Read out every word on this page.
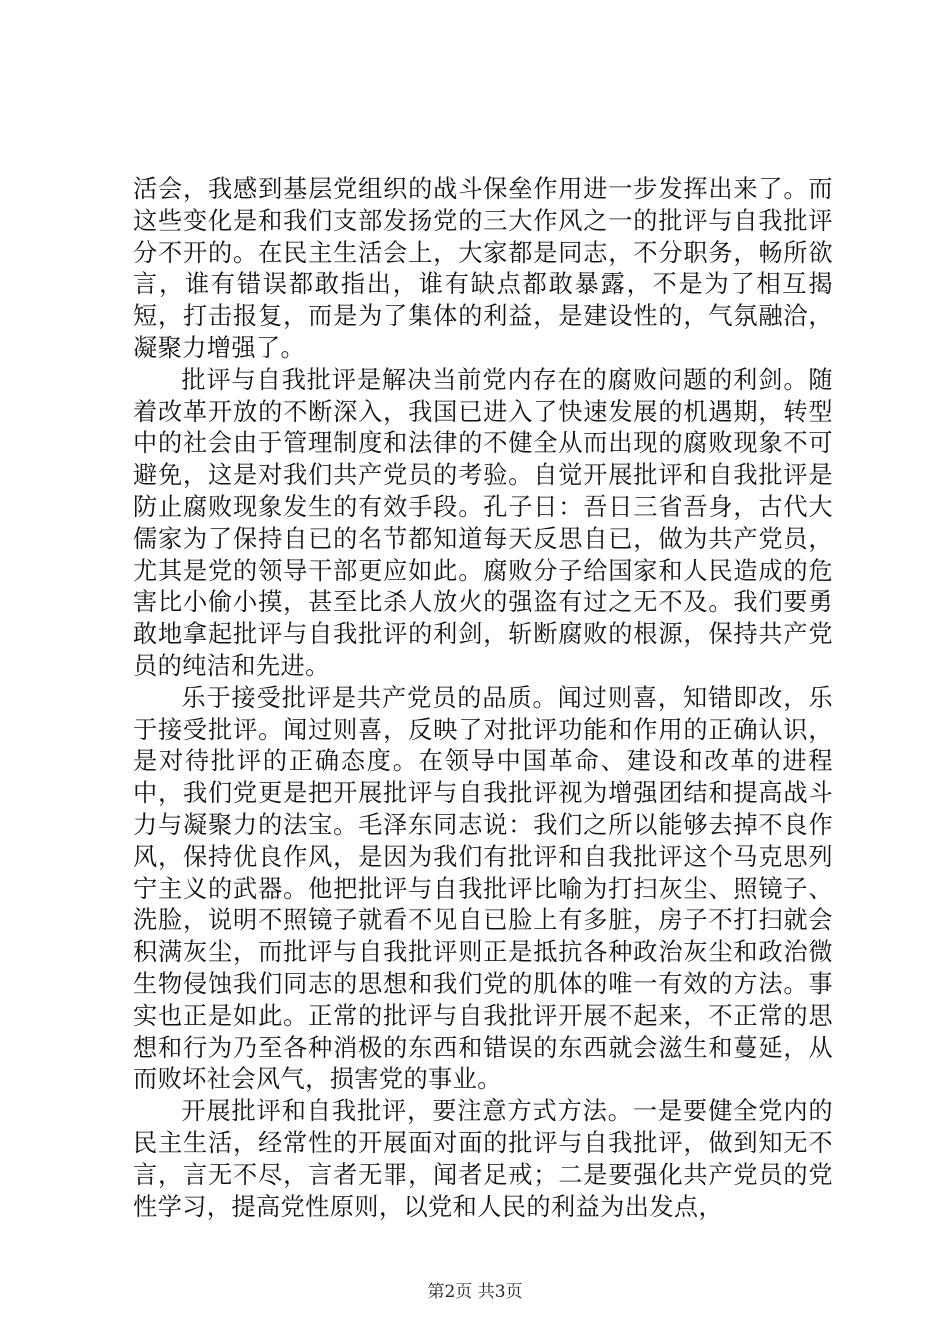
活会，我感到基层党组织的战斗保垒作用进一步发挥出来了。而这些变化是和我们支部发扬党的三大作风之一的批评与自我批评分不开的。在民主生活会上，大家都是同志，不分职务，畅所欲言，谁有错误都敢指出，谁有缺点都敢暴露，不是为了相互揭短，打击报复，而是为了集体的利益，是建设性的，气氛融洽，凝聚力增强了。

批评与自我批评是解决当前党内存在的腐败问题的利剑。随着改革开放的不断深入，我国已进入了快速发展的机遇期，转型中的社会由于管理制度和法律的不健全从而出现的腐败现象不可避免，这是对我们共产党员的考验。自觉开展批评和自我批评是防止腐败现象发生的有效手段。孔子日：吾日三省吾身，古代大儒家为了保持自已的名节都知道每天反思自已，做为共产党员，尤其是党的领导干部更应如此。腐败分子给国家和人民造成的危害比小偷小摸，甚至比杀人放火的强盗有过之无不及。我们要勇敢地拿起批评与自我批评的利剑，斩断腐败的根源，保持共产党员的纯洁和先进。

乐于接受批评是共产党员的品质。闻过则喜，知错即改，乐于接受批评。闻过则喜，反映了对批评功能和作用的正确认识，是对待批评的正确态度。在领导中国革命、建设和改革的进程中，我们党更是把开展批评与自我批评视为增强团结和提高战斗力与凝聚力的法宝。毛泽东同志说：我们之所以能够去掉不良作风，保持优良作风，是因为我们有批评和自我批评这个马克思列宁主义的武器。他把批评与自我批评比喻为打扫灰尘、照镜子、洗脸，说明不照镜子就看不见自已脸上有多脏，房子不打扫就会积满灰尘，而批评与自我批评则正是抵抗各种政治灰尘和政治微生物侵蚀我们同志的思想和我们党的肌体的唯一有效的方法。事实也正是如此。正常的批评与自我批评开展不起来，不正常的思想和行为乃至各种消极的东西和错误的东西就会滋生和蔓延，从而败坏社会风气，损害党的事业。

开展批评和自我批评，要注意方式方法。一是要健全党内的民主生活，经常性的开展面对面的批评与自我批评，做到知无不言，言无不尽，言者无罪，闻者足戒；二是要强化共产党员的党性学习，提高党性原则，以党和人民的利益为出发点，

第2页 共3页
